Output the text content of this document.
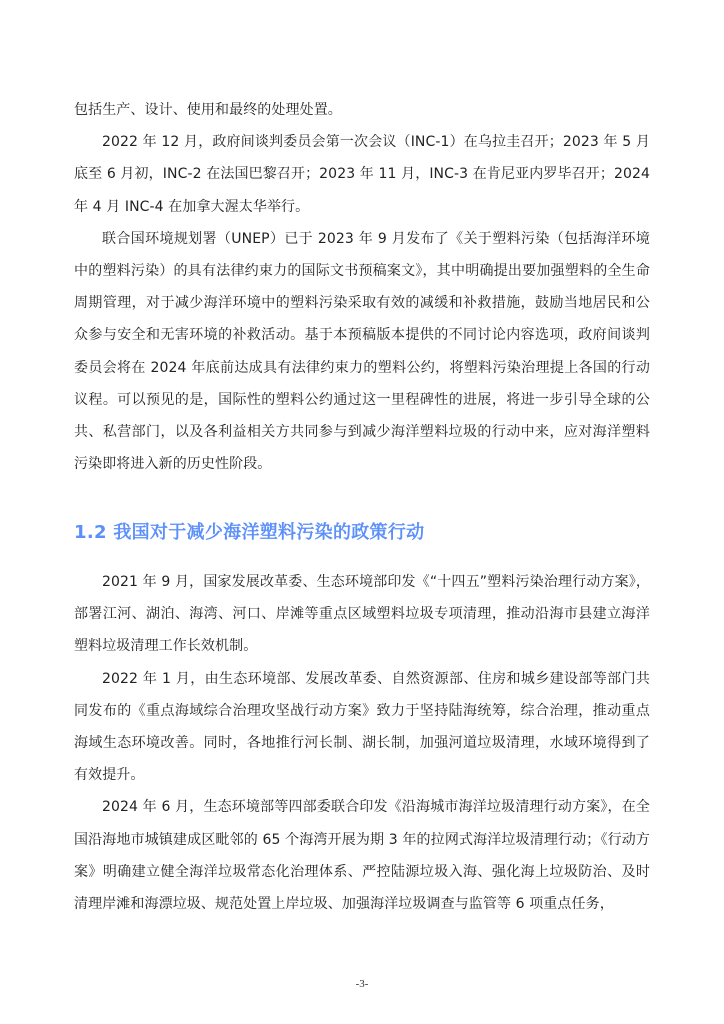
包括生产、设计、使用和最终的处理处置。

2022 年 12 月，政府间谈判委员会第一次会议（INC-1）在乌拉圭召开；2023 年 5 月底至 6 月初，INC-2 在法国巴黎召开；2023 年 11 月，INC-3 在肯尼亚内罗毕召开；2024 年 4 月 INC-4 在加拿大渥太华举行。

联合国环境规划署（UNEP）已于 2023 年 9 月发布了《关于塑料污染（包括海洋环境中的塑料污染）的具有法律约束力的国际文书预稿案文》，其中明确提出要加强塑料的全生命周期管理，对于减少海洋环境中的塑料污染采取有效的减缓和补救措施，鼓励当地居民和公众参与安全和无害环境的补救活动。基于本预稿版本提供的不同讨论内容选项，政府间谈判委员会将在 2024 年底前达成具有法律约束力的塑料公约，将塑料污染治理提上各国的行动议程。可以预见的是，国际性的塑料公约通过这一里程碑性的进展，将进一步引导全球的公共、私营部门，以及各利益相关方共同参与到减少海洋塑料垃圾的行动中来，应对海洋塑料污染即将进入新的历史性阶段。

1.2 我国对于减少海洋塑料污染的政策行动

2021 年 9 月，国家发展改革委、生态环境部印发《“十四五”塑料污染治理行动方案》，部署江河、湖泊、海湾、河口、岸滩等重点区域塑料垃圾专项清理，推动沿海市县建立海洋塑料垃圾清理工作长效机制。

2022 年 1 月，由生态环境部、发展改革委、自然资源部、住房和城乡建设部等部门共同发布的《重点海域综合治理攻坚战行动方案》致力于坚持陆海统筹，综合治理，推动重点海域生态环境改善。同时，各地推行河长制、湖长制，加强河道垃圾清理，水域环境得到了有效提升。

2024 年 6 月，生态环境部等四部委联合印发《沿海城市海洋垃圾清理行动方案》，在全国沿海地市城镇建成区毗邻的 65 个海湾开展为期 3 年的拉网式海洋垃圾清理行动；《行动方案》明确建立健全海洋垃圾常态化治理体系、严控陆源垃圾入海、强化海上垃圾防治、及时清理岸滩和海漂垃圾、规范处置上岸垃圾、加强海洋垃圾调查与监管等 6 项重点任务，

-3-
